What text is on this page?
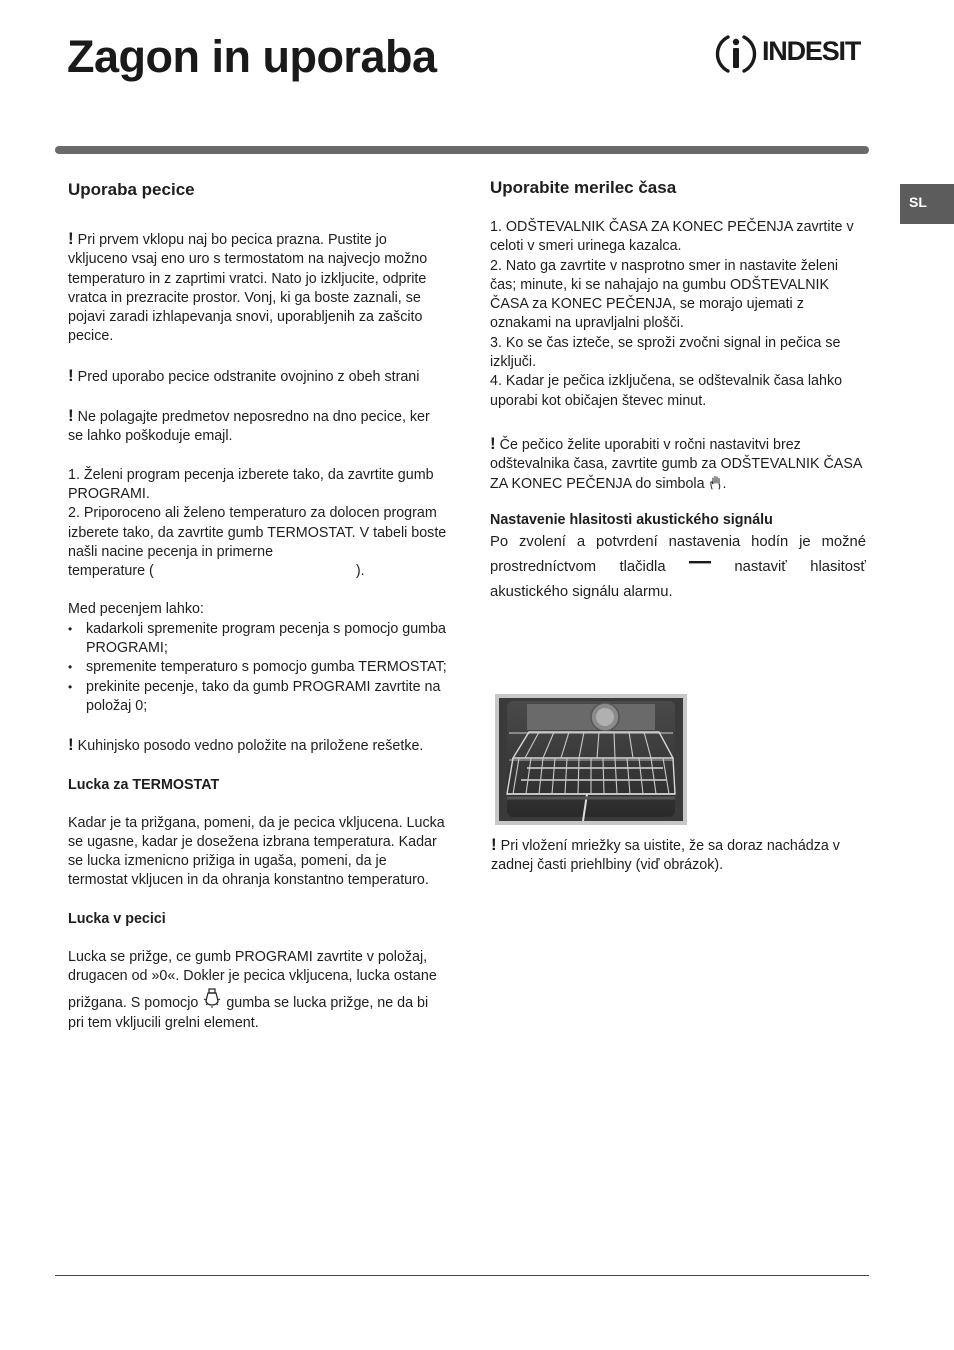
Zagon in uporaba	INDESIT
SL
Uporaba pecice

! Pri prvem vklopu naj bo pecica prazna. Pustite jo vkljuceno vsaj eno uro s termostatom na najvecjo možno temperaturo in z zaprtimi vratci. Nato jo izkljucite, odprite vratca in prezracite prostor. Vonj, ki ga boste zaznali, se pojavi zaradi izhlapevanja snovi, uporabljenih za zašcito pecice.

! Pred uporabo pecice odstranite ovojnino z obeh strani

! Ne polagajte predmetov neposredno na dno pecice, ker se lahko poškoduje emajl.

1. Želeni program pecenja izberete tako, da zavrtite gumb PROGRAMI.

2. Priporoceno ali želeno temperaturo za dolocen program izberete tako, da zavrtite gumb TERMOSTAT. V tabeli boste našli nacine pecenja in primerne

temperature (	).

Med pecenjem lahko:

• kadarkoli spremenite program pecenja s pomocjo gumba PROGRAMI;
• spremenite temperaturo s pomocjo gumba TERMOSTAT;
• prekinite pecenje, tako da gumb PROGRAMI zavrtite na položaj 0;

! Kuhinjsko posodo vedno položite na priložene rešetke.

Lucka za TERMOSTAT

Kadar je ta prižgana, pomeni, da je pecica vkljucena. Lucka se ugasne, kadar je dosežena izbrana temperatura. Kadar se lucka izmenicno prižiga in ugaša, pomeni, da je termostat vkljucen in da ohranja konstantno temperaturo.

Lucka v pecici

Lucka se prižge, ce gumb PROGRAMI zavrtite v položaj, drugacen od »0«. Dokler je pecica vkljucena, lucka ostane prižgana. S pomocjo gumba se lucka prižge, ne da bi pri tem vkljucili grelni element.

Uporabite merilec časa

1. ODŠTEVALNIK ČASA ZA KONEC PEČENJA zavrtite v celoti v smeri urinega kazalca.

2. Nato ga zavrtite v nasprotno smer in nastavite želeni čas; minute, ki se nahajajo na gumbu ODŠTEVALNIK ČASA za KONEC PEČENJA, se morajo ujemati z oznakami na upravljalni plošči.

3. Ko se čas izteče, se sproži zvočni signal in pečica se izključi.

4. Kadar je pečica izključena, se odštevalnik časa lahko uporabi kot običajen števec minut.

! Če pečico želite uporabiti v ročni nastavitvi brez odštevalnika časa, zavrtite gumb za ODŠTEVALNIK ČASA ZA KONEC PEČENJA do simbola .

Nastavenie hlasitosti akustického signálu

Po zvolení a potvrdení nastavenia hodín je možné prostredníctvom tlačidla	nastaviť hlasitosť akustického signálu alarmu.

! Pri vložení mriežky sa uistite, že sa doraz nachádza v zadnej časti priehlbiny (viď obrázok).
